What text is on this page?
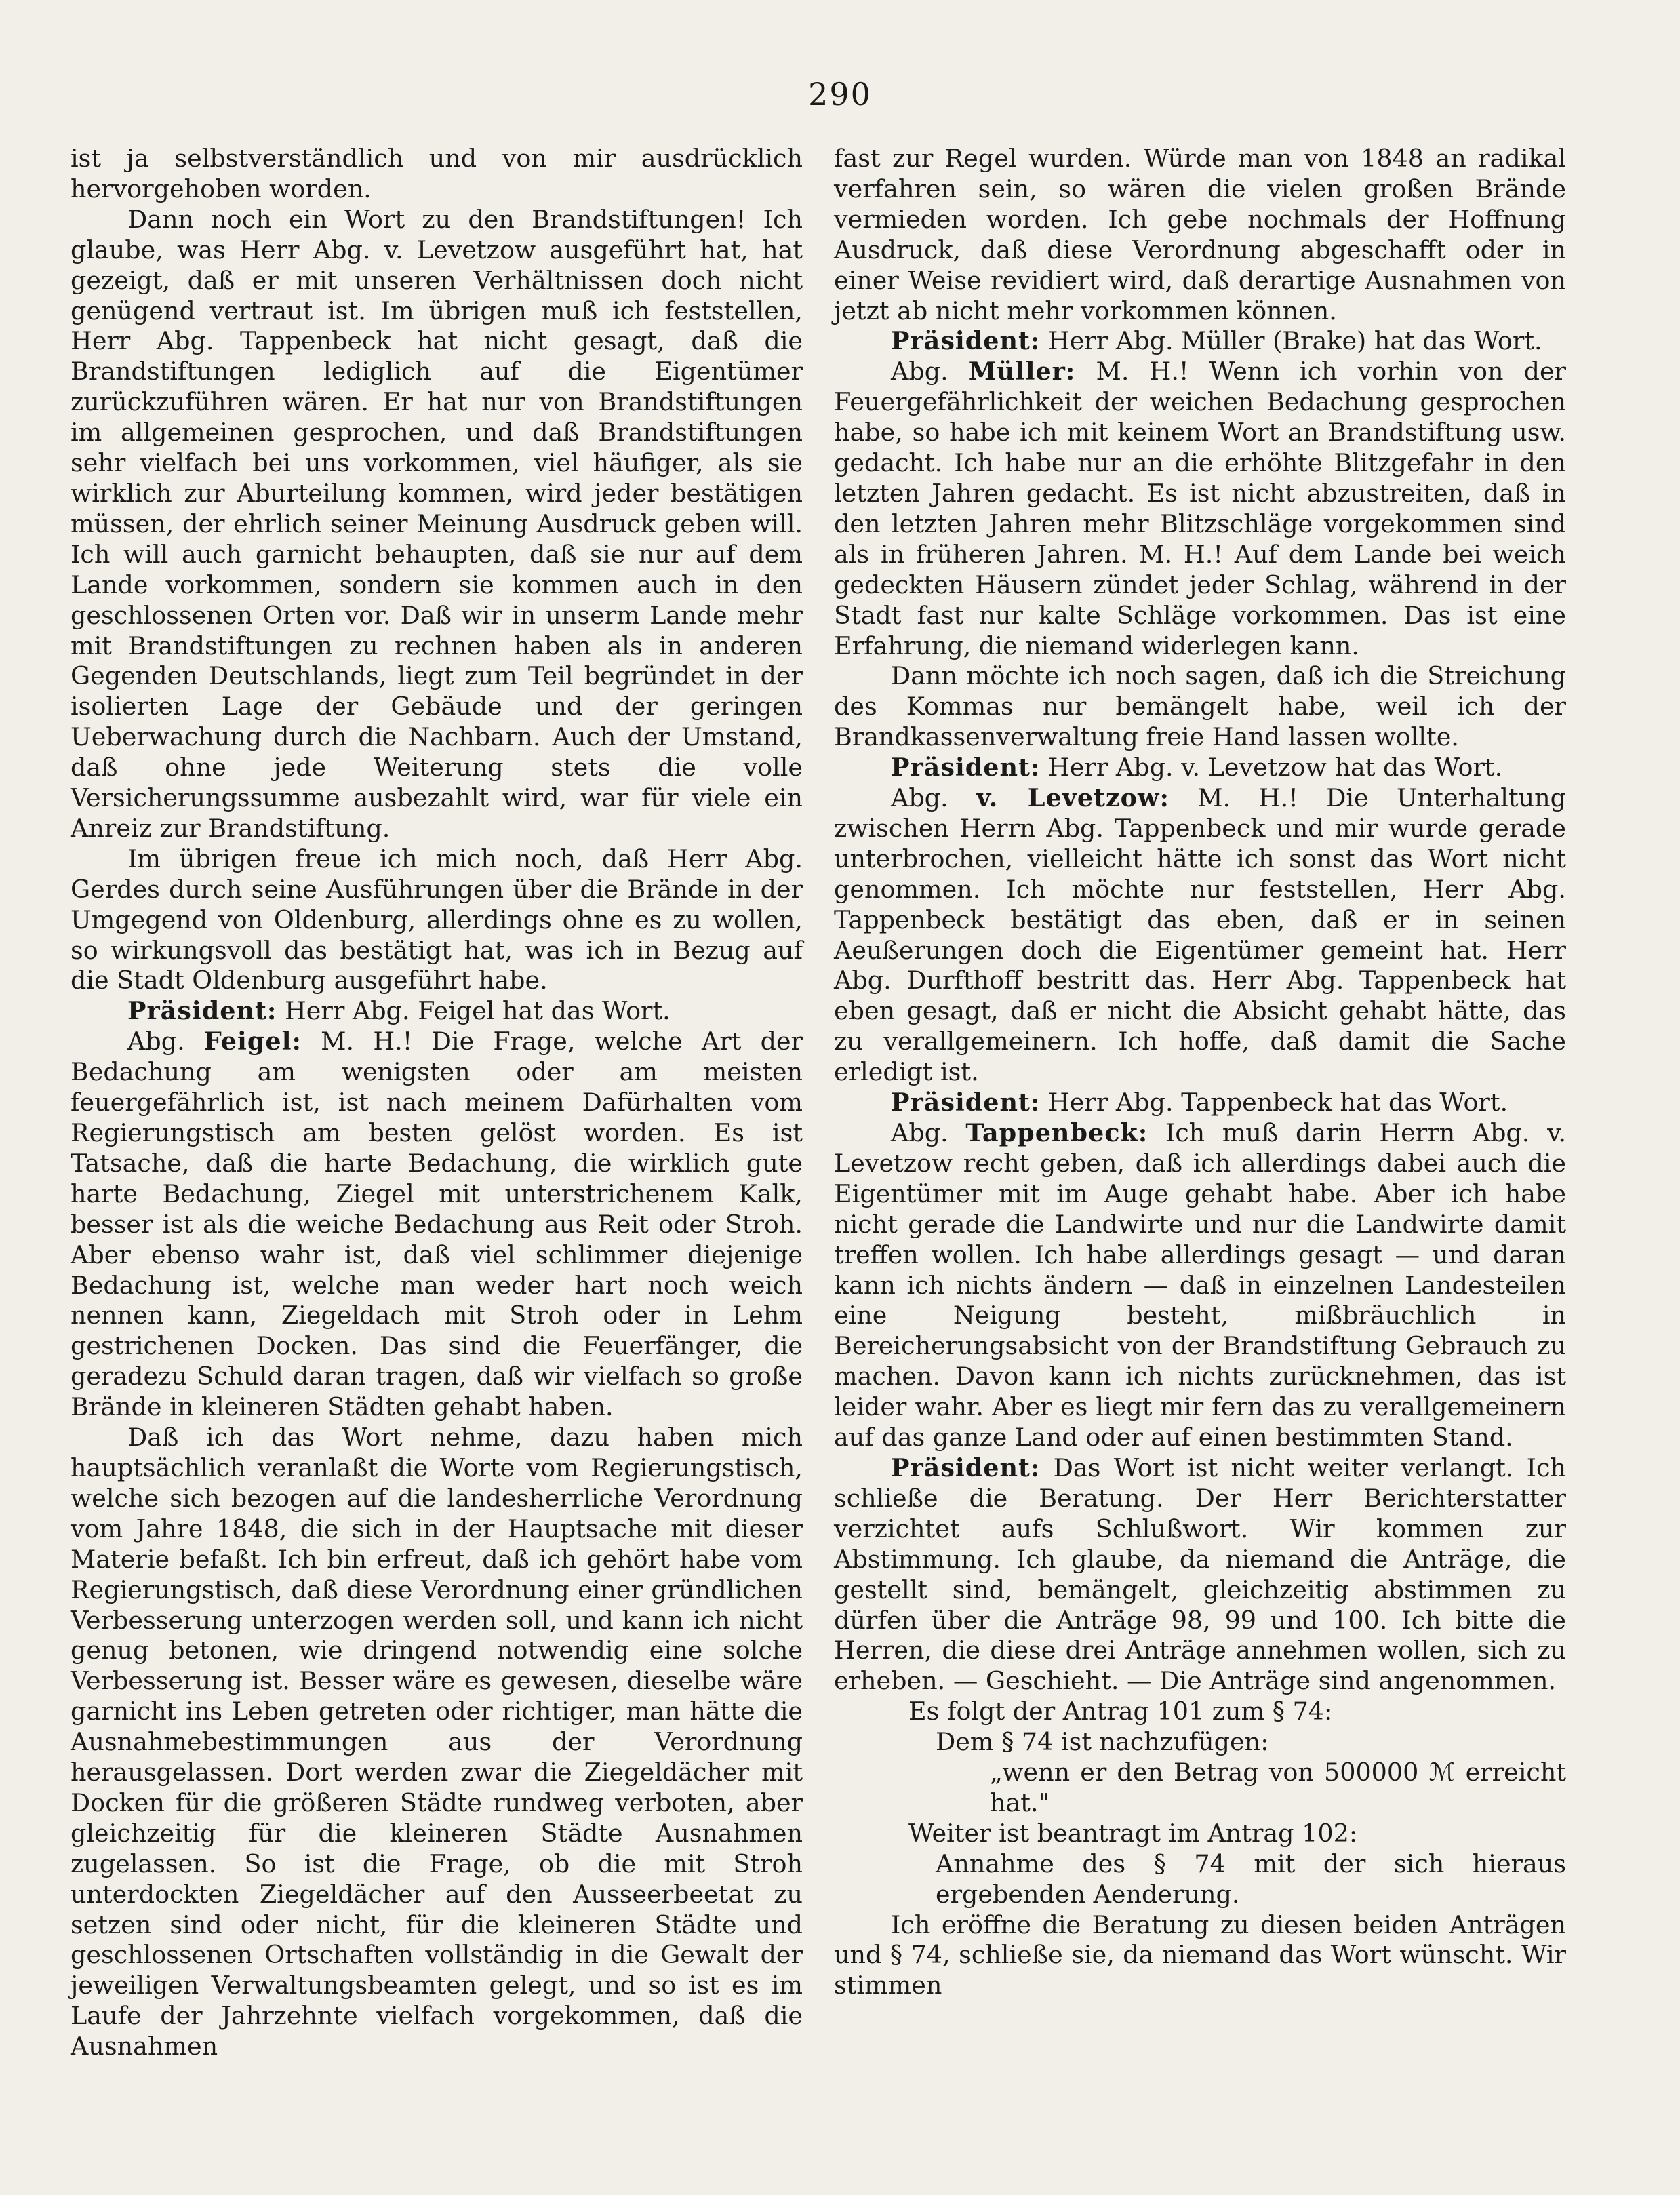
290

ist ja selbstverständlich und von mir ausdrücklich hervorgehoben worden.

Dann noch ein Wort zu den Brandstiftungen! Ich glaube, was Herr Abg. v. Levetzow ausgeführt hat, hat gezeigt, daß er mit unseren Verhältnissen doch nicht genügend vertraut ist. Im übrigen muß ich feststellen, Herr Abg. Tappenbeck hat nicht gesagt, daß die Brandstiftungen lediglich auf die Eigentümer zurückzuführen wären. Er hat nur von Brandstiftungen im allgemeinen gesprochen, und daß Brandstiftungen sehr vielfach bei uns vorkommen, viel häufiger, als sie wirklich zur Aburteilung kommen, wird jeder bestätigen müssen, der ehrlich seiner Meinung Ausdruck geben will. Ich will auch garnicht behaupten, daß sie nur auf dem Lande vorkommen, sondern sie kommen auch in den geschlossenen Orten vor. Daß wir in unserm Lande mehr mit Brandstiftungen zu rechnen haben als in anderen Gegenden Deutschlands, liegt zum Teil begründet in der isolierten Lage der Gebäude und der geringen Ueberwachung durch die Nachbarn. Auch der Umstand, daß ohne jede Weiterung stets die volle Versicherungssumme ausbezahlt wird, war für viele ein Anreiz zur Brandstiftung.

Im übrigen freue ich mich noch, daß Herr Abg. Gerdes durch seine Ausführungen über die Brände in der Umgegend von Oldenburg, allerdings ohne es zu wollen, so wirkungsvoll das bestätigt hat, was ich in Bezug auf die Stadt Oldenburg ausgeführt habe.

Präsident: Herr Abg. Feigel hat das Wort.

Abg. Feigel: M. H.! Die Frage, welche Art der Bedachung am wenigsten oder am meisten feuergefährlich ist, ist nach meinem Dafürhalten vom Regierungstisch am besten gelöst worden. Es ist Tatsache, daß die harte Bedachung, die wirklich gute harte Bedachung, Ziegel mit unterstrichenem Kalk, besser ist als die weiche Bedachung aus Reit oder Stroh. Aber ebenso wahr ist, daß viel schlimmer diejenige Bedachung ist, welche man weder hart noch weich nennen kann, Ziegeldach mit Stroh oder in Lehm gestrichenen Docken. Das sind die Feuerfänger, die geradezu Schuld daran tragen, daß wir vielfach so große Brände in kleineren Städten gehabt haben.

Daß ich das Wort nehme, dazu haben mich hauptsächlich veranlaßt die Worte vom Regierungstisch, welche sich bezogen auf die landesherrliche Verordnung vom Jahre 1848, die sich in der Hauptsache mit dieser Materie befaßt. Ich bin erfreut, daß ich gehört habe vom Regierungstisch, daß diese Verordnung einer gründlichen Verbesserung unterzogen werden soll, und kann ich nicht genug betonen, wie dringend notwendig eine solche Verbesserung ist. Besser wäre es gewesen, dieselbe wäre garnicht ins Leben getreten oder richtiger, man hätte die Ausnahmebestimmungen aus der Verordnung herausgelassen. Dort werden zwar die Ziegeldächer mit Docken für die größeren Städte rundweg verboten, aber gleichzeitig für die kleineren Städte Ausnahmen zugelassen. So ist die Frage, ob die mit Stroh unterdockten Ziegeldächer auf den Ausseerbeetat zu setzen sind oder nicht, für die kleineren Städte und geschlossenen Ortschaften vollständig in die Gewalt der jeweiligen Verwaltungsbeamten gelegt, und so ist es im Laufe der Jahrzehnte vielfach vorgekommen, daß die Ausnahmen

fast zur Regel wurden. Würde man von 1848 an radikal verfahren sein, so wären die vielen großen Brände vermieden worden. Ich gebe nochmals der Hoffnung Ausdruck, daß diese Verordnung abgeschafft oder in einer Weise revidiert wird, daß derartige Ausnahmen von jetzt ab nicht mehr vorkommen können.

Präsident: Herr Abg. Müller (Brake) hat das Wort.

Abg. Müller: M. H.! Wenn ich vorhin von der Feuergefährlichkeit der weichen Bedachung gesprochen habe, so habe ich mit keinem Wort an Brandstiftung usw. gedacht. Ich habe nur an die erhöhte Blitzgefahr in den letzten Jahren gedacht. Es ist nicht abzustreiten, daß in den letzten Jahren mehr Blitzschläge vorgekommen sind als in früheren Jahren. M. H.! Auf dem Lande bei weich gedeckten Häusern zündet jeder Schlag, während in der Stadt fast nur kalte Schläge vorkommen. Das ist eine Erfahrung, die niemand widerlegen kann.

Dann möchte ich noch sagen, daß ich die Streichung des Kommas nur bemängelt habe, weil ich der Brandkassenverwaltung freie Hand lassen wollte.

Präsident: Herr Abg. v. Levetzow hat das Wort.

Abg. v. Levetzow: M. H.! Die Unterhaltung zwischen Herrn Abg. Tappenbeck und mir wurde gerade unterbrochen, vielleicht hätte ich sonst das Wort nicht genommen. Ich möchte nur feststellen, Herr Abg. Tappenbeck bestätigt das eben, daß er in seinen Aeußerungen doch die Eigentümer gemeint hat. Herr Abg. Durfthoff bestritt das. Herr Abg. Tappenbeck hat eben gesagt, daß er nicht die Absicht gehabt hätte, das zu verallgemeinern. Ich hoffe, daß damit die Sache erledigt ist.

Präsident: Herr Abg. Tappenbeck hat das Wort.

Abg. Tappenbeck: Ich muß darin Herrn Abg. v. Levetzow recht geben, daß ich allerdings dabei auch die Eigentümer mit im Auge gehabt habe. Aber ich habe nicht gerade die Landwirte und nur die Landwirte damit treffen wollen. Ich habe allerdings gesagt — und daran kann ich nichts ändern — daß in einzelnen Landesteilen eine Neigung besteht, mißbräuchlich in Bereicherungsabsicht von der Brandstiftung Gebrauch zu machen. Davon kann ich nichts zurücknehmen, das ist leider wahr. Aber es liegt mir fern das zu verallgemeinern auf das ganze Land oder auf einen bestimmten Stand.

Präsident: Das Wort ist nicht weiter verlangt. Ich schließe die Beratung. Der Herr Berichterstatter verzichtet aufs Schlußwort. Wir kommen zur Abstimmung. Ich glaube, da niemand die Anträge, die gestellt sind, bemängelt, gleichzeitig abstimmen zu dürfen über die Anträge 98, 99 und 100. Ich bitte die Herren, die diese drei Anträge annehmen wollen, sich zu erheben. — Geschieht. — Die Anträge sind angenommen.

Es folgt der Antrag 101 zum § 74:

Dem § 74 ist nachzufügen:

„wenn er den Betrag von 500000 ℳ erreicht hat."

Weiter ist beantragt im Antrag 102:

Annahme des § 74 mit der sich hieraus ergebenden Aenderung.

Ich eröffne die Beratung zu diesen beiden Anträgen und § 74, schließe sie, da niemand das Wort wünscht. Wir stimmen
